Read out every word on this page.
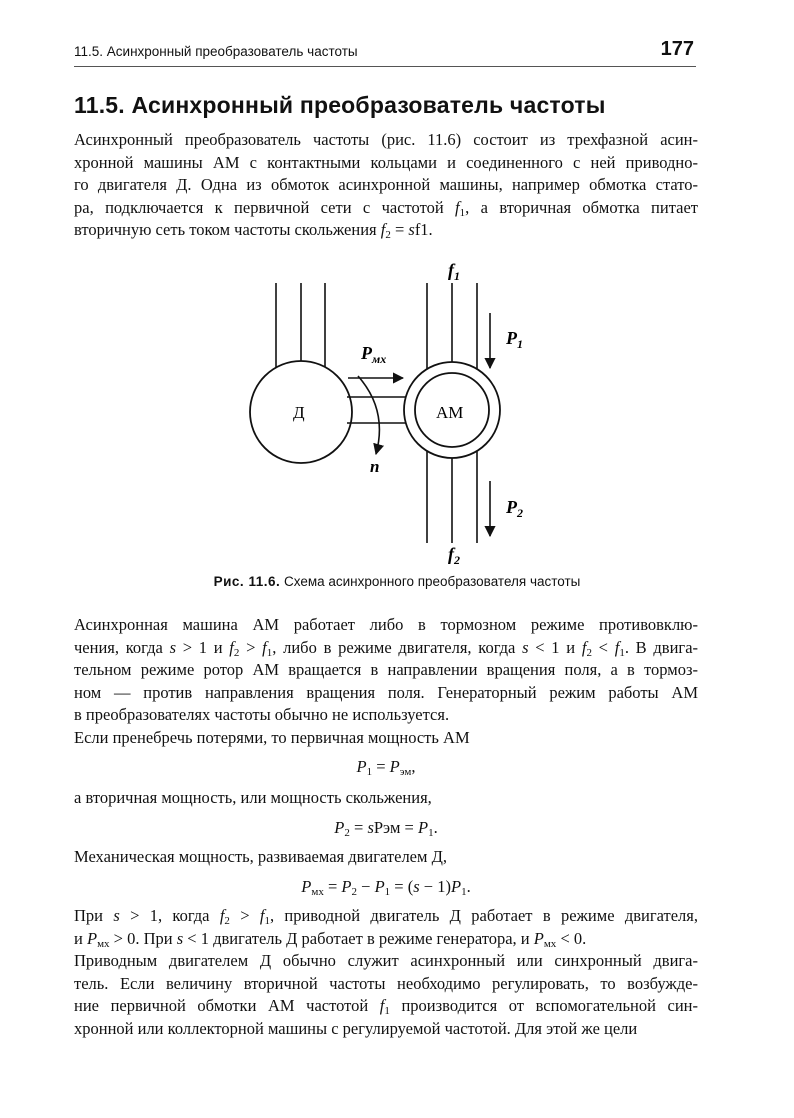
11.5. Асинхронный преобразователь частоты	177
11.5. Асинхронный преобразователь частоты
Асинхронный преобразователь частоты (рис. 11.6) состоит из трехфазной асин-
хронной машины АМ с контактными кольцами и соединенного с ней приводно-
го двигателя Д. Одна из обмоток асинхронной машины, например обмотка стато-
ра, подключается к первичной сети с частотой $f_1$, а вторичная обмотка питает
вторичную сеть током частоты скольжения $f_2 = sf1$.
$f_1$
$f_2$
$P_1$
$P_2$
$P_{мх}$
Д	АМ
n

Рис. 11.6. Схема асинхронного преобразователя частоты

Асинхронная машина АМ работает либо в тормозном режиме противовклю-
чения, когда s > 1 и $f_2 > f_1$, либо в режиме двигателя, когда s < 1 и $f_2 < f_1$. В двига-
тельном режиме ротор АМ вращается в направлении вращения поля, а в тормоз-
ном — против направления вращения поля. Генераторный режим работы АМ
в преобразователях частоты обычно не используется.

Если пренебречь потерями, то первичная мощность АМ

$P_1 = P_{эм}$,

а вторичная мощность, или мощность скольжения,

$P_2$ = sPэм = $P_1$.

Механическая мощность, развиваемая двигателем Д,

$P_{мх} = P_2 - P_1 = (s - 1)P_1$.

При s > 1, когда $f_2 > f_1$, приводной двигатель Д работает в режиме двигателя,
и $P_{мх} > 0$. При s < 1 двигатель Д работает в режиме генератора, и $P_{мх} < 0$.
Приводным двигателем Д обычно служит асинхронный или синхронный двига-
тель. Если величину вторичной частоты необходимо регулировать, то возбужде-
ние первичной обмотки АМ частотой $f_1$ производится от вспомогательной син-
хронной или коллекторной машины с регулируемой частотой. Для этой же цели
